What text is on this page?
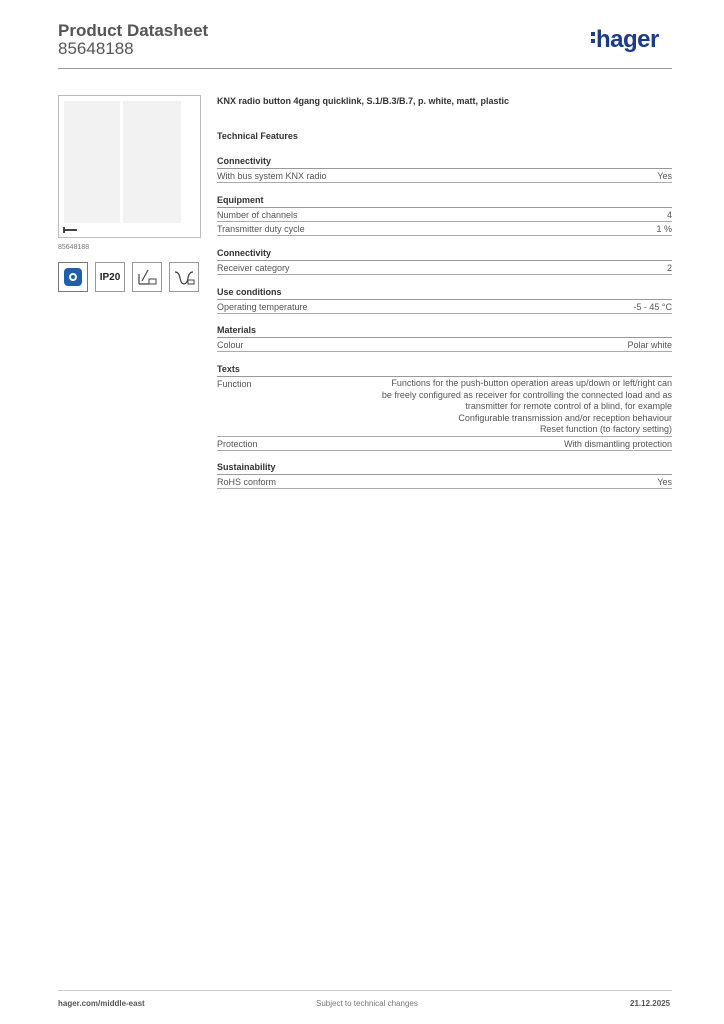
Product Datasheet
85648188	hager
85648188
IP20
KNX radio button 4gang quicklink, S.1/B.3/B.7, p. white, matt, plastic
Technical Features
Connectivity
With bus system KNX radio	Yes
Equipment
Number of channels	4
Transmitter duty cycle	1 %
Connectivity
Receiver category	2
Use conditions
Operating temperature	-5 - 45 °C
Materials
Colour	Polar white
Texts
Function	Functions for the push-button operation areas up/down or left/right can
be freely configured as receiver for controlling the connected load and as
transmitter for remote control of a blind, for example
Configurable transmission and/or reception behaviour
Reset function (to factory setting)
Protection	With dismantling protection
Sustainability
RoHS conform	Yes
hager.com/middle-east	Subject to technical changes	21.12.2025
